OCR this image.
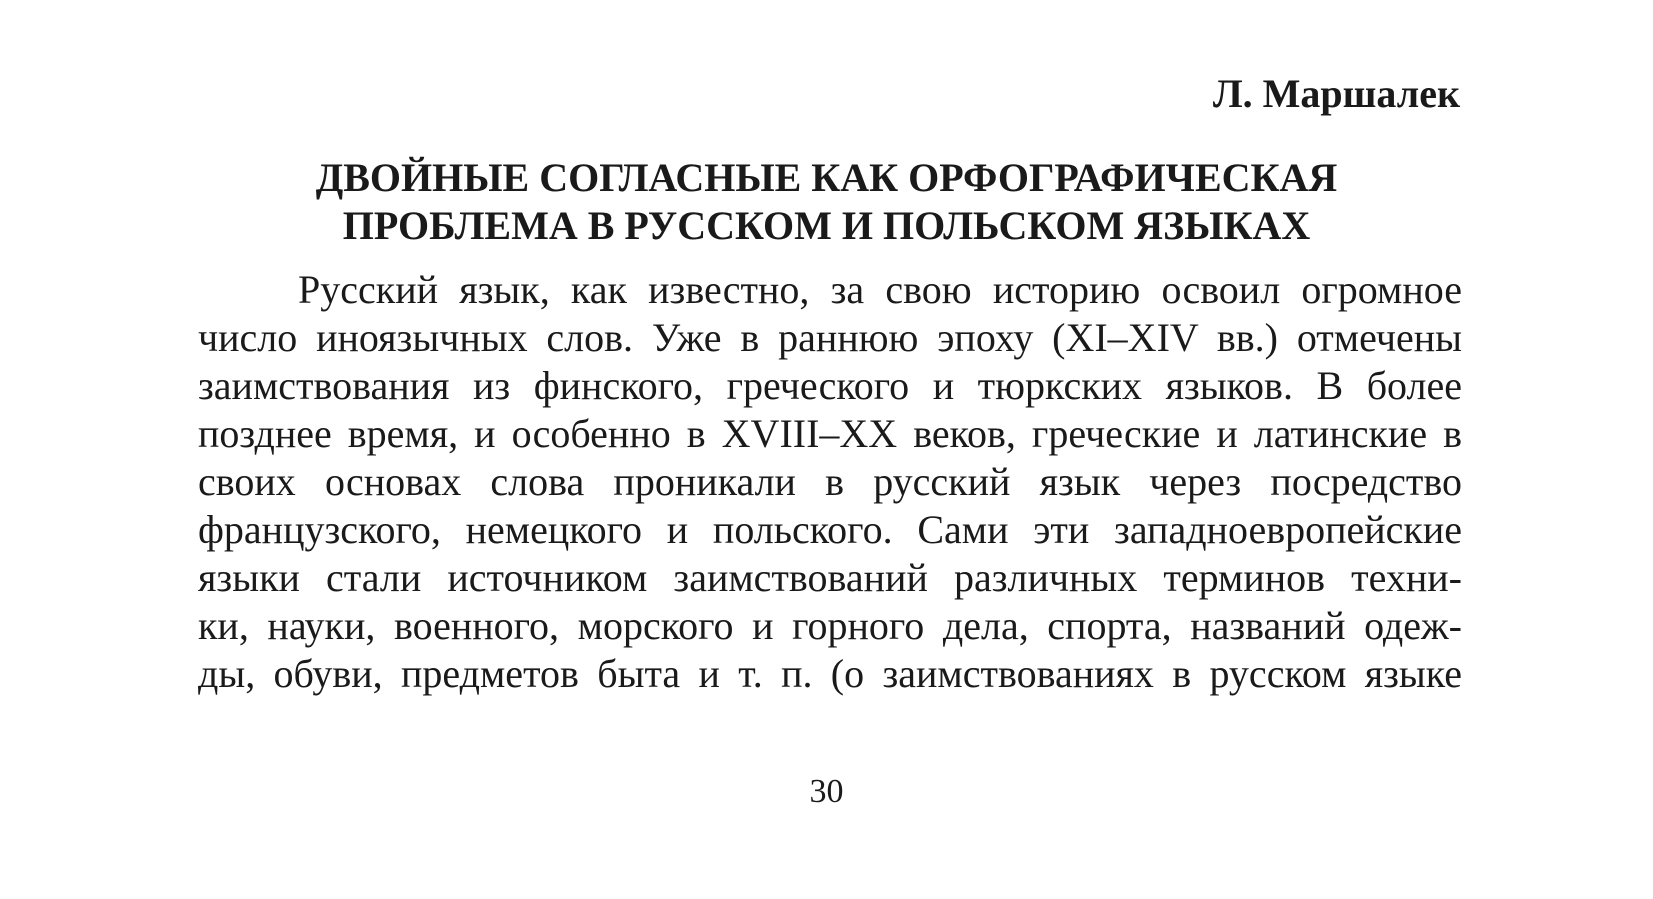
Л. Маршалек
ДВОЙНЫЕ СОГЛАСНЫЕ КАК ОРФОГРАФИЧЕСКАЯ
ПРОБЛЕМА В РУССКОМ И ПОЛЬСКОМ ЯЗЫКАХ
Русский язык, как известно, за свою историю освоил огромное
число иноязычных слов. Уже в раннюю эпоху (XI–XIV вв.) отмечены
заимствования из финского, греческого и тюркских языков. В более
позднее время, и особенно в XVIII–XX веков, греческие и латинские в
своих основах слова проникали в русский язык через посредство
французского, немецкого и польского. Сами эти западноевропейские
языки стали источником заимствований различных терминов техни-
ки, науки, военного, морского и горного дела, спорта, названий одеж-
ды, обуви, предметов быта и т. п. (о заимствованиях в русском языке
30
